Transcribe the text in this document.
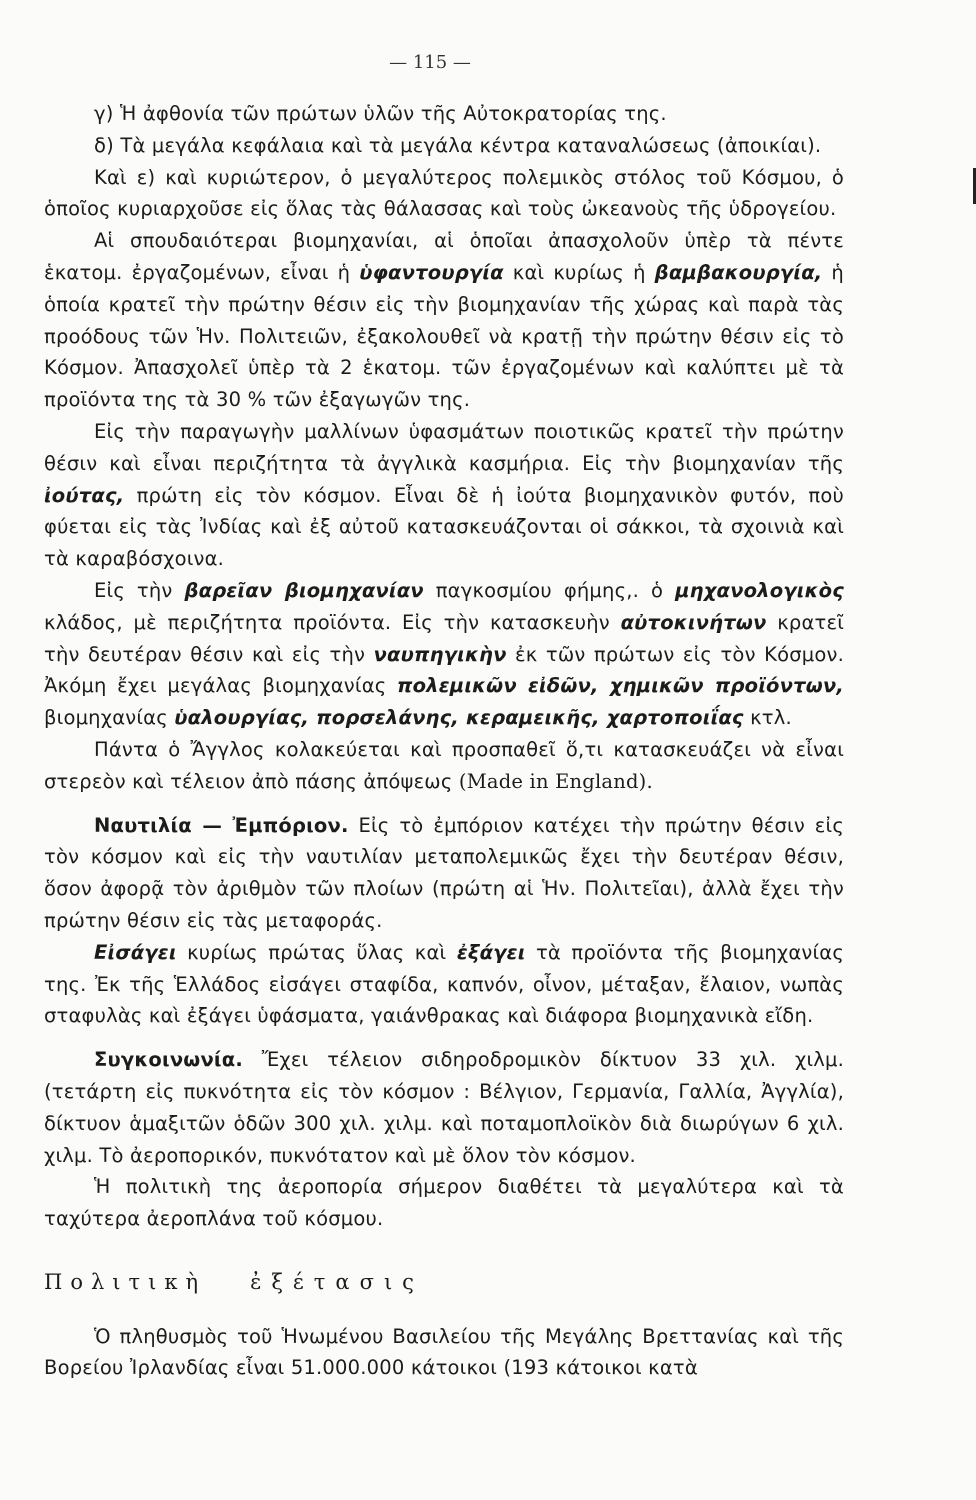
— 115 —

γ) Ἡ ἀφθονία τῶν πρώτων ὑλῶν τῆς Αὐτοκρατορίας της.

δ) Τὰ μεγάλα κεφάλαια καὶ τὰ μεγάλα κέντρα καταναλώσεως (ἀποικίαι).

Καὶ ε) καὶ κυριώτερον, ὁ μεγαλύτερος πολεμικὸς στόλος τοῦ Κόσμου, ὁ ὁποῖος κυριαρχοῦσε εἰς ὅλας τὰς θάλασσας καὶ τοὺς ὠκεανοὺς τῆς ὑδρογείου.

Αἱ σπουδαιότεραι βιομηχανίαι, αἱ ὁποῖαι ἀπασχολοῦν ὑπὲρ τὰ πέντε ἑκατομ. ἐργαζομένων, εἶναι ἡ ὑφαντουργία καὶ κυρίως ἡ βαμβακουργία, ἡ ὁποία κρατεῖ τὴν πρώτην θέσιν εἰς τὴν βιομηχανίαν τῆς χώρας καὶ παρὰ τὰς προόδους τῶν Ἡν. Πολιτειῶν, ἐξακολουθεῖ νὰ κρατῇ τὴν πρώτην θέσιν εἰς τὸ Κόσμον. Ἀπασχολεῖ ὑπὲρ τὰ 2 ἑκατομ. τῶν ἐργαζομένων καὶ καλύπτει μὲ τὰ προϊόντα της τὰ 30 % τῶν ἐξαγωγῶν της.

Εἰς τὴν παραγωγὴν μαλλίνων ὑφασμάτων ποιοτικῶς κρατεῖ τὴν πρώτην θέσιν καὶ εἶναι περιζήτητα τὰ ἀγγλικὰ κασμήρια. Εἰς τὴν βιομηχανίαν τῆς ἰούτας, πρώτη εἰς τὸν κόσμον. Εἶναι δὲ ἡ ἰούτα βιομηχανικὸν φυτόν, ποὺ φύεται εἰς τὰς Ἰνδίας καὶ ἐξ αὐτοῦ κατασκευάζονται οἱ σάκκοι, τὰ σχοινιὰ καὶ τὰ καραβόσχοινα.

Εἰς τὴν βαρεῖαν βιομηχανίαν παγκοσμίου φήμης,. ὁ μηχανολογικὸς κλάδος, μὲ περιζήτητα προϊόντα. Εἰς τὴν κατασκευὴν αὐτοκινήτων κρατεῖ τὴν δευτέραν θέσιν καὶ εἰς τὴν ναυπηγικὴν ἐκ τῶν πρώτων εἰς τὸν Κόσμον. Ἀκόμη ἔχει μεγάλας βιομηχανίας πολεμικῶν εἰδῶν, χημικῶν προϊόντων, βιομηχανίας ὑαλουργίας, πορσελάνης, κεραμεικῆς, χαρτοποιΐας κτλ.

Πάντα ὁ Ἄγγλος κολακεύεται καὶ προσπαθεῖ ὅ,τι κατασκευάζει νὰ εἶναι στερεὸν καὶ τέλειον ἀπὸ πάσης ἀπόψεως (Made in England).

Ναυτιλία — Ἐμπόριον. Εἰς τὸ ἐμπόριον κατέχει τὴν πρώτην θέσιν εἰς τὸν κόσμον καὶ εἰς τὴν ναυτιλίαν μεταπολεμικῶς ἔχει τὴν δευτέραν θέσιν, ὅσον ἀφορᾷ τὸν ἀριθμὸν τῶν πλοίων (πρώτη αἱ Ἡν. Πολιτεῖαι), ἀλλὰ ἔχει τὴν πρώτην θέσιν εἰς τὰς μεταφοράς.

Εἰσάγει κυρίως πρώτας ὕλας καὶ ἐξάγει τὰ προϊόντα τῆς βιομηχανίας της. Ἐκ τῆς Ἑλλάδος εἰσάγει σταφίδα, καπνόν, οἶνον, μέταξαν, ἔλαιον, νωπὰς σταφυλὰς καὶ ἐξάγει ὑφάσματα, γαιάνθρακας καὶ διάφορα βιομηχανικὰ εἴδη.

Συγκοινωνία. Ἔχει τέλειον σιδηροδρομικὸν δίκτυον 33 χιλ. χιλμ. (τετάρτη εἰς πυκνότητα εἰς τὸν κόσμον : Βέλγιον, Γερμανία, Γαλλία, Ἀγγλία), δίκτυον ἁμαξιτῶν ὁδῶν 300 χιλ. χιλμ. καὶ ποταμοπλοϊκὸν διὰ διωρύγων 6 χιλ. χιλμ. Τὸ ἀεροπορικόν, πυκνότατον καὶ μὲ ὅλον τὸν κόσμον.

Ἡ πολιτικὴ της ἀεροπορία σήμερον διαθέτει τὰ μεγαλύτερα καὶ τὰ ταχύτερα ἀεροπλάνα τοῦ κόσμου.

Πολιτικὴ ἐξέτασις

Ὁ πληθυσμὸς τοῦ Ἡνωμένου Βασιλείου τῆς Μεγάλης Βρεττανίας καὶ τῆς Βορείου Ἰρλανδίας εἶναι 51.000.000 κάτοικοι (193 κάτοικοι κατὰ
